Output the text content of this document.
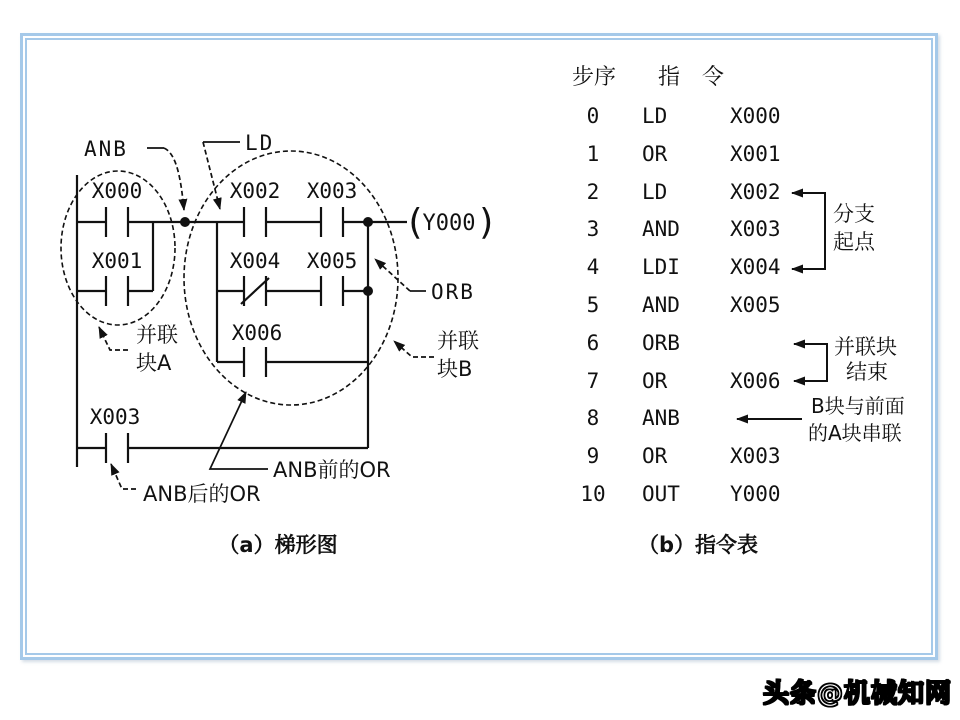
ANB	LD
X000
X001
X002 X003
X004 X005
X006
X003
ORB
(
Y000 )
并联
块A
并联
块B
ANB前的OR
ANB后的OR
分支
起点
并联块
结束
B块与前面
的A块串联
步序 指　令
0	LD	X000
1	OR	X001
2	LD	X002
3	AND X003
4	LDI X004
5	AND X005
6	ORB
7	OR	X006
8	ANB
9	OR	X003
10	OUT Y000
（a）梯形图	（b）指令表
头条@机械知网
